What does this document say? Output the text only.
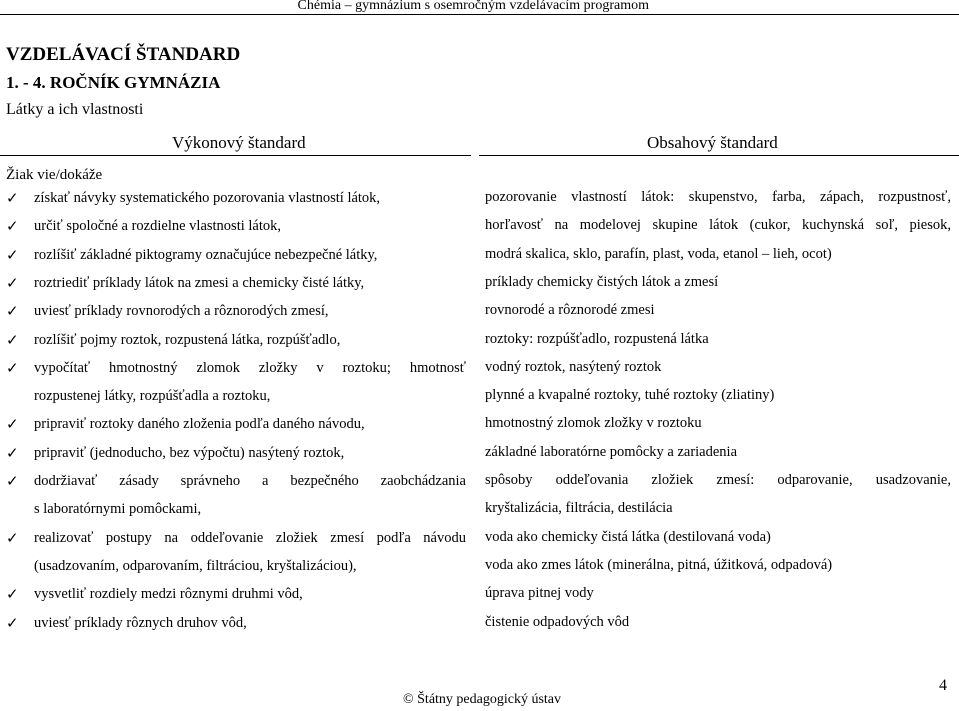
Chémia – gymnázium s osemročným vzdelávacím programom
VZDELÁVACÍ ŠTANDARD
1. - 4. ROČNÍK GYMNÁZIA
Látky a ich vlastnosti
Výkonový štandard	Obsahový štandard
Žiak vie/dokáže
✓ získať návyky systematického pozorovania vlastností látok,
✓ určiť spoločné a rozdielne vlastnosti látok,
✓ rozlíšiť základné piktogramy označujúce nebezpečné látky,
✓ roztriediť príklady látok na zmesi a chemicky čisté látky,
✓ uviesť príklady rovnorodých a rôznorodých zmesí,
✓ rozlíšiť pojmy roztok, rozpustená látka, rozpúšťadlo,
✓ vypočítať hmotnostný zlomok zložky v roztoku; hmotnosť
rozpustenej látky, rozpúšťadla a roztoku,
✓ pripraviť roztoky daného zloženia podľa daného návodu,
✓ pripraviť (jednoducho, bez výpočtu) nasýtený roztok,
✓ dodržiavať zásady správneho a bezpečného zaobchádzania
s laboratórnymi pomôckami,
✓ realizovať postupy na oddeľovanie zložiek zmesí podľa návodu
(usadzovaním, odparovaním, filtráciou, kryštalizáciou),
✓ vysvetliť rozdiely medzi rôznymi druhmi vôd,
✓ uviesť príklady rôznych druhov vôd,
pozorovanie vlastností látok: skupenstvo, farba, zápach, rozpustnosť,
horľavosť na modelovej skupine látok (cukor, kuchynská soľ, piesok,
modrá skalica, sklo, parafín, plast, voda, etanol – lieh, ocot)
príklady chemicky čistých látok a zmesí
rovnorodé a rôznorodé zmesi
roztoky: rozpúšťadlo, rozpustená látka
vodný roztok, nasýtený roztok
plynné a kvapalné roztoky, tuhé roztoky (zliatiny)
hmotnostný zlomok zložky v roztoku
základné laboratórne pomôcky a zariadenia
spôsoby oddeľovania zložiek zmesí: odparovanie, usadzovanie,
kryštalizácia, filtrácia, destilácia
voda ako chemicky čistá látka (destilovaná voda)
voda ako zmes látok (minerálna, pitná, úžitková, odpadová)
úprava pitnej vody
čistenie odpadových vôd
© Štátny pedagogický ústav
4
